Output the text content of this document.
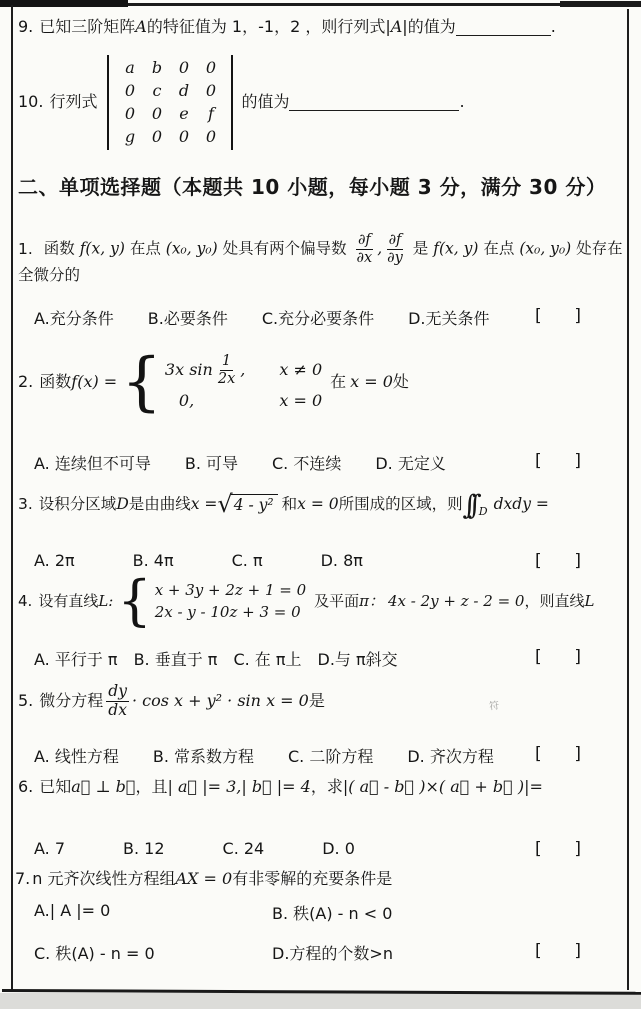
9. 已知三阶矩阵 A 的特征值为 1，-1，2 ，则行列式 | A | 的值为	.
10. 行列式
a	b	0	0
0	c	d	0
0	0	e	f
g	0	0	0
的值为	.
二、单项选择题（本题共 10 小题，每小题 3 分，满分 30 分）
1. 函数 f(x, y) 在点 (x₀, y₀) 处具有两个偏导数 $\frac{\partial f}{\partial x}$ , $\frac{\partial f}{\partial y}$ 是 f(x, y) 在点 (x₀, y₀) 处存在全微分的
A.充分条件 B.必要条件 C.充分必要条件 D.无关条件	[ ]
2. 函数 f(x) = { 3x $\sin \frac{1}{2x}$ , x ≠ 0
0,	x = 0
在 x = 0 处
A. 连续但不可导 B. 可导 C. 不连续 D. 无定义	[ ]
3. 设积分区域 D 是由曲线 x = √ 4 - y² 和 x = 0 所围成的区域，则 ∫∫ D dxdy =
A. 2π	B. 4π	C. π	D. 8π	[ ]
4. 设有直线 L: { x + 3y + 2z + 1 = 0
2x - y - 10z + 3 = 0
及平面 π： 4x - 2y + z - 2 = 0 ，则直线 L
A. 平行于 π B. 垂直于 π C. 在 π上 D.与 π斜交	[ ]
5. 微分方程 $\frac{dy}{dx} \cdot \cos x + y^2 \cdot \sin x = 0$ 是
A. 线性方程 B. 常系数方程 C. 二阶方程 D. 齐次方程 [ ]
6. 已知 a⃗ ⊥ b⃗ ，且 | a⃗ |= 3,| b⃗ |= 4 ，求 |( a⃗ - b⃗ )×( a⃗ + b⃗ )|=
A. 7	B. 12	C. 24	D. 0	[ ]
7. n 元齐次线性方程组 AX = 0 有非零解的充要条件是
A.| A |= 0	B. 秩(A) - n < 0
C. 秩(A) - n = 0	D.方程的个数>n	[ ]
符
